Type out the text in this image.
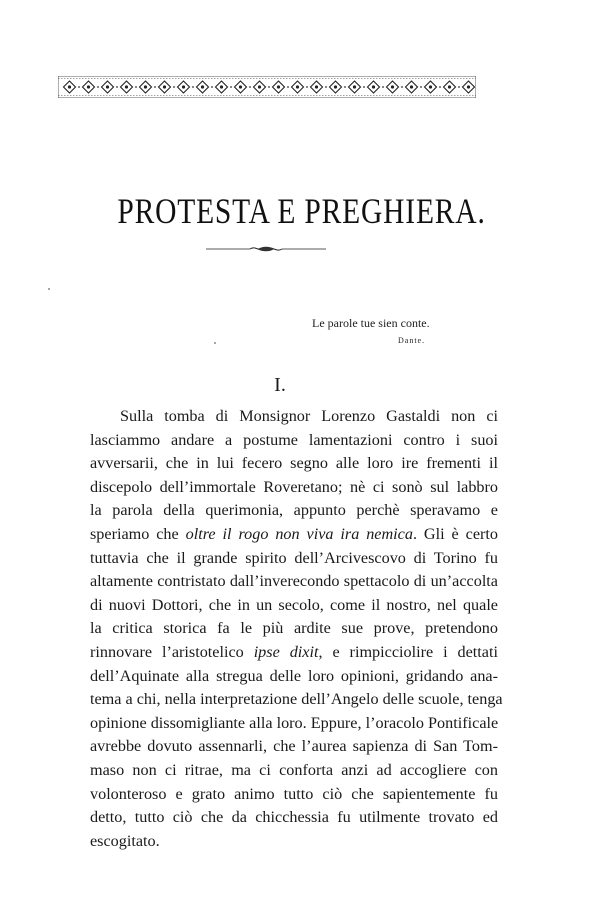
PROTESTA E PREGHIERA.
Le parole tue sien conte.
Dante.
I.
Sulla tomba di Monsignor Lorenzo Gastaldi non ci
lasciammo andare a postume lamentazioni contro i suoi
avversarii, che in lui fecero segno alle loro ire frementi il
discepolo dell’immortale Roveretano; nè ci sonò sul labbro
la parola della querimonia, appunto perchè speravamo e
speriamo che oltre il rogo non viva ira nemica. Gli è certo
tuttavia che il grande spirito dell’Arcivescovo di Torino fu
altamente contristato dall’inverecondo spettacolo di un’accolta
di nuovi Dottori, che in un secolo, come il nostro, nel quale
la critica storica fa le più ardite sue prove, pretendono
rinnovare l’aristotelico ipse dixit, e rimpicciolire i dettati
dell’Aquinate alla stregua delle loro opinioni, gridando ana-
tema a chi, nella interpretazione dell’Angelo delle scuole, tenga
opinione dissomigliante alla loro. Eppure, l’oracolo Pontificale
avrebbe dovuto assennarli, che l’aurea sapienza di San Tom-
maso non ci ritrae, ma ci conforta anzi ad accogliere con
volonteroso e grato animo tutto ciò che sapientemente fu
detto, tutto ciò che da chicchessia fu utilmente trovato ed
escogitato.
